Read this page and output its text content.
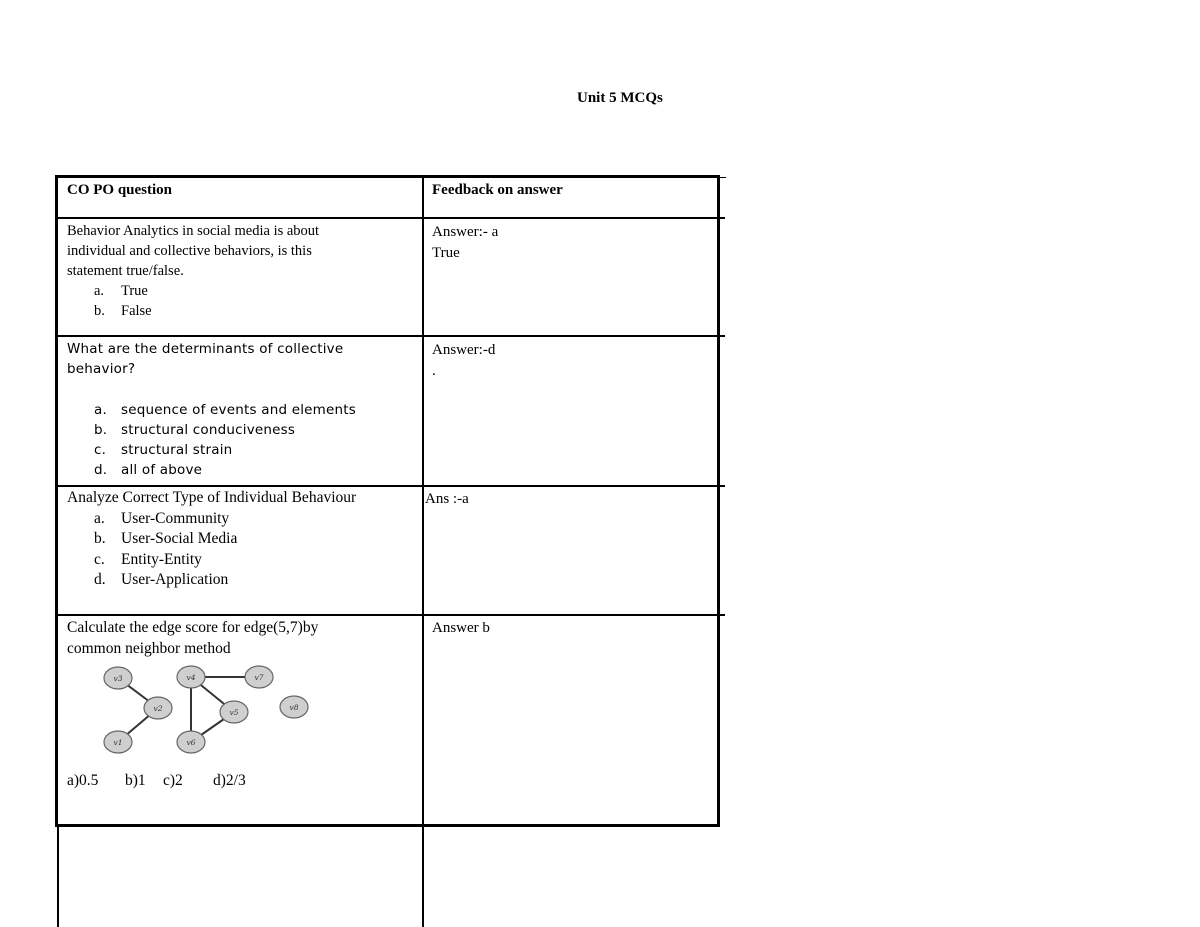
Unit 5 MCQs
CO PO question	Feedback on answer
Behavior Analytics in social media is about
individual and collective behaviors, is this
statement true/false.
a.	True
b.	False
Answer:- a
True
What are the determinants of collective
behavior?
a.	sequence of events and elements
b.	structural conduciveness
c.	structural strain
d.	all of above
Answer:-d
.
Analyze Correct Type of Individual Behaviour
a.	User-Community
b. User-Social Media
c.	Entity-Entity
d. User-Application
Ans :-a
Calculate the edge score for edge(5,7)by
common neighbor method
v3	v4	v7
v2	v5
v8
v1	v6
a)0.5 b)1 c)2 d)2/3
Answer b
